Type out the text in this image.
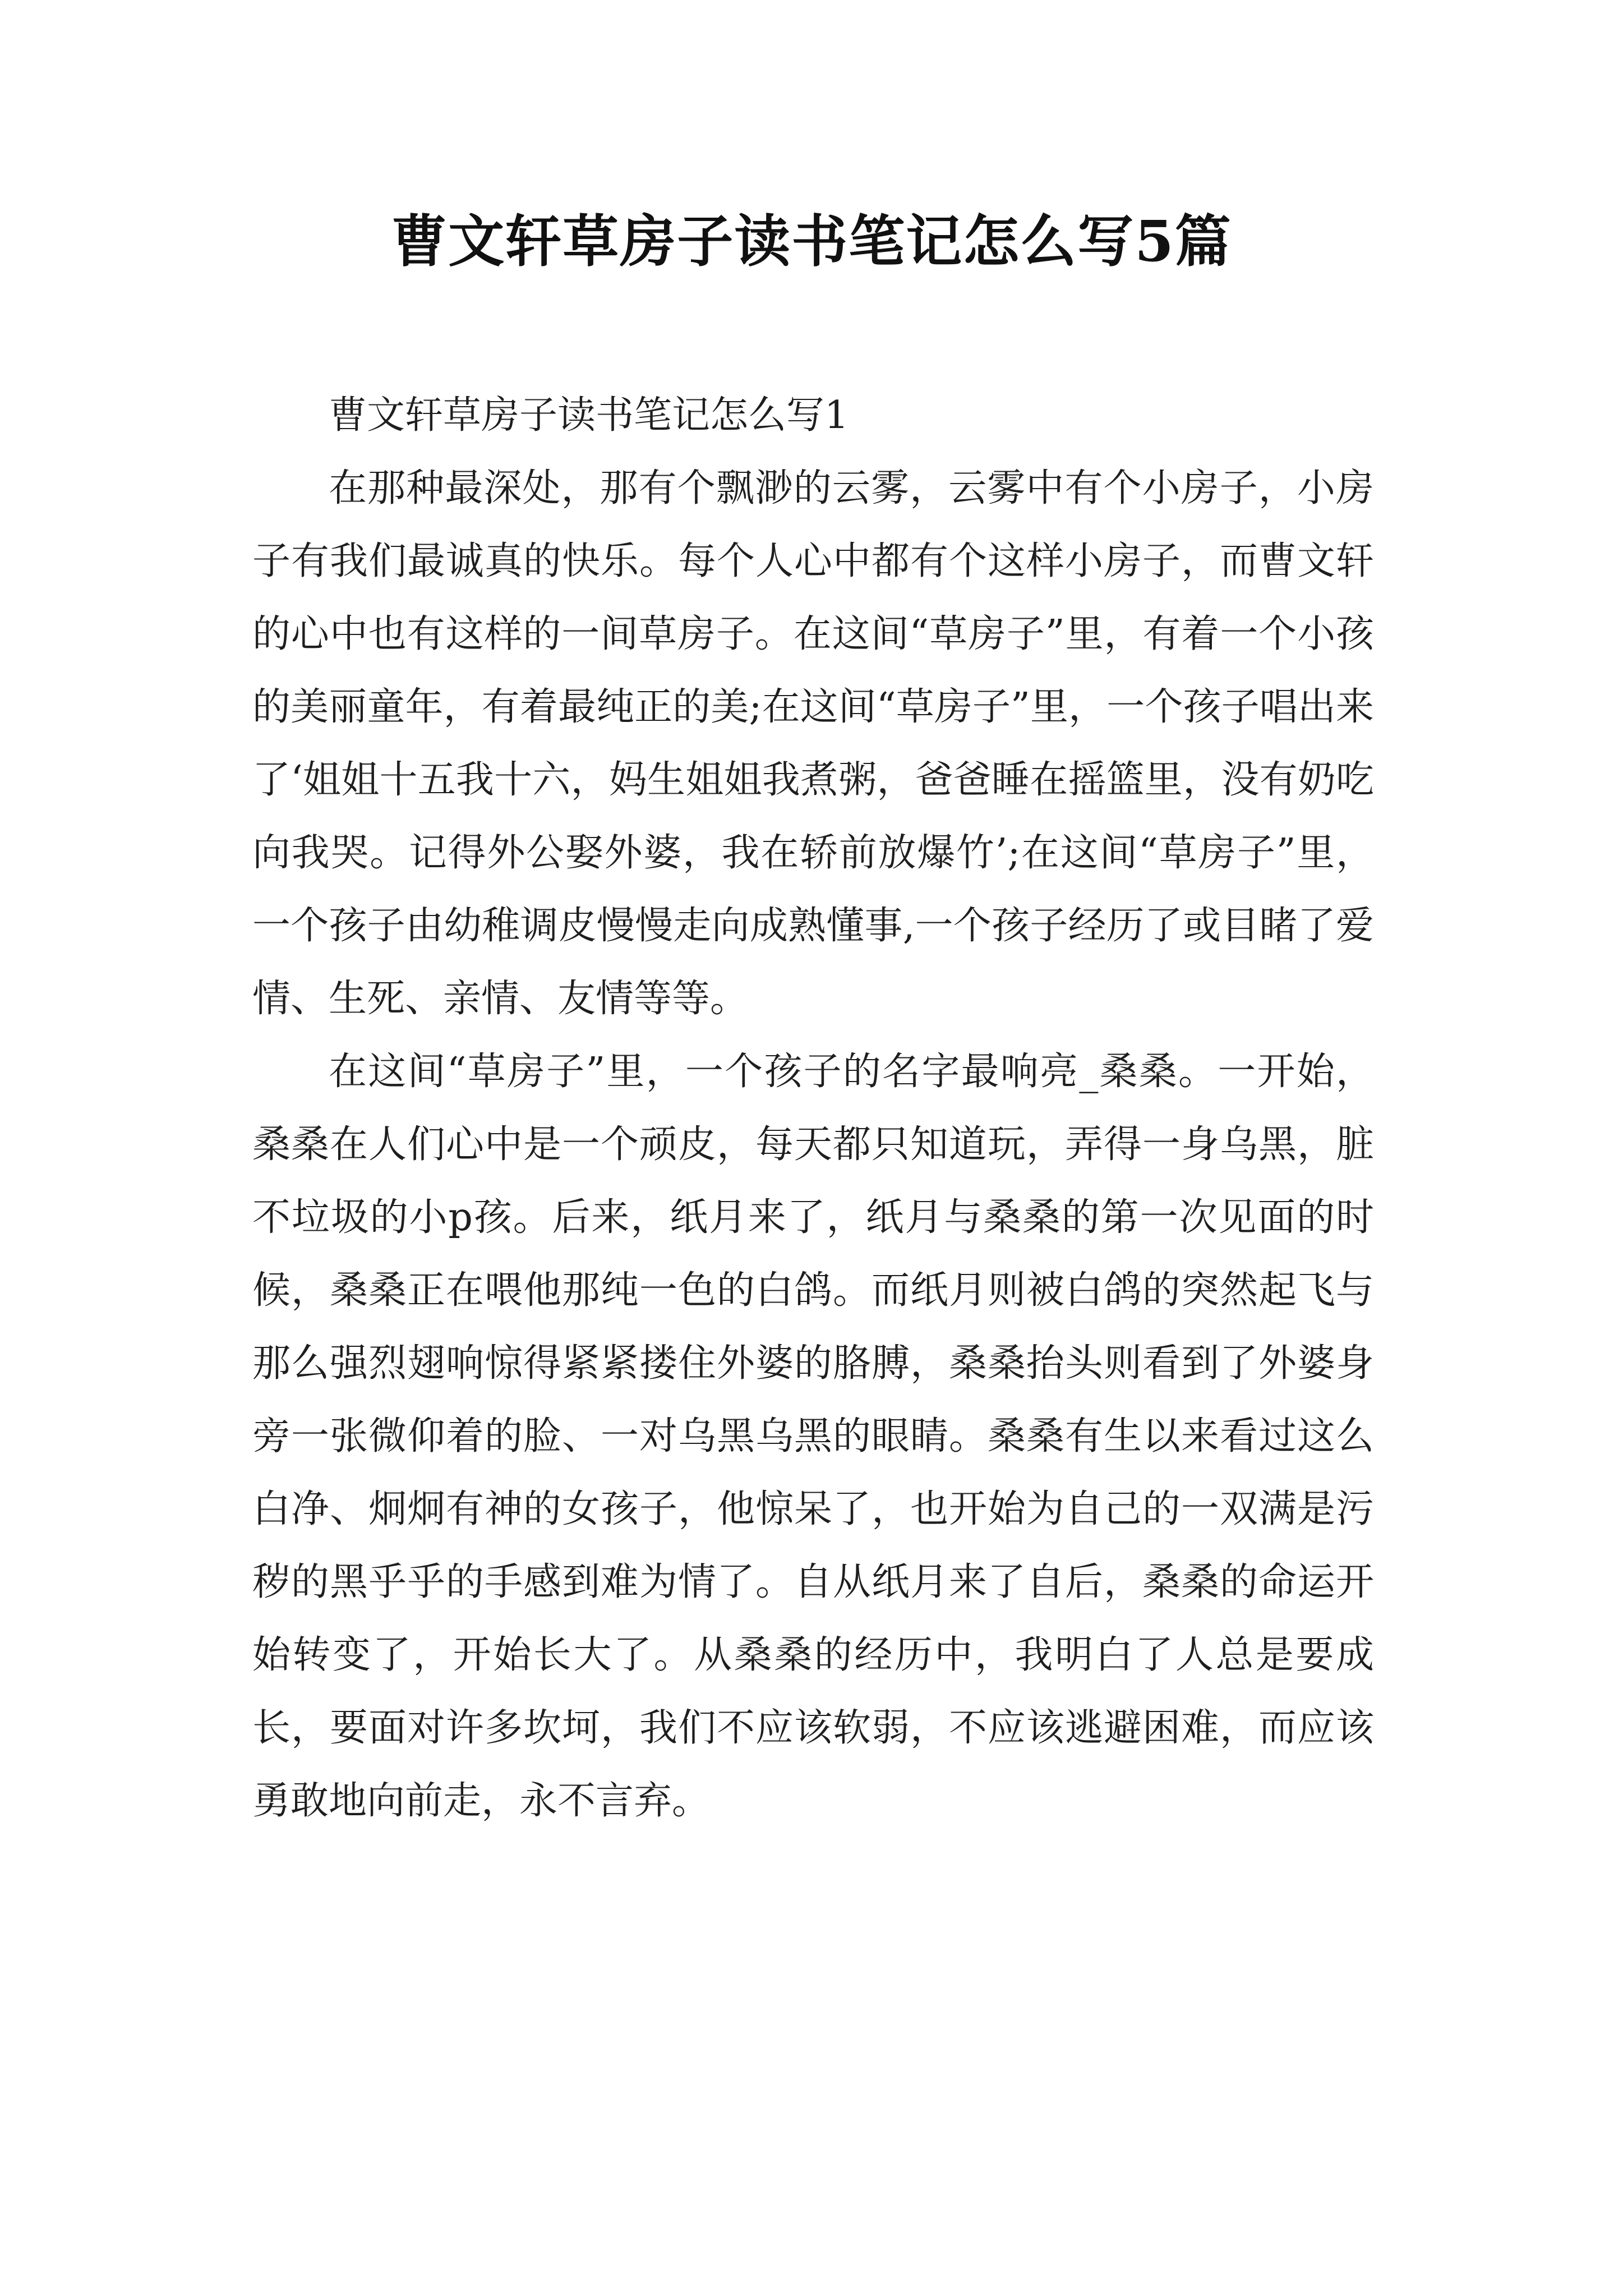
曹文轩草房子读书笔记怎么写5篇

曹文轩草房子读书笔记怎么写1

在那种最深处，那有个飘渺的云雾，云雾中有个小房子，小房子有我们最诚真的快乐。每个人心中都有个这样小房子，而曹文轩的心中也有这样的一间草房子。在这间“草房子”里，有着一个小孩的美丽童年，有着最纯正的美;在这间“草房子”里，一个孩子唱出来了‘姐姐十五我十六，妈生姐姐我煮粥，爸爸睡在摇篮里，没有奶吃向我哭。记得外公娶外婆，我在轿前放爆竹’;在这间“草房子”里，一个孩子由幼稚调皮慢慢走向成熟懂事,一个孩子经历了或目睹了爱情、生死、亲情、友情等等。

在这间“草房子”里，一个孩子的名字最响亮_桑桑。一开始，桑桑在人们心中是一个顽皮，每天都只知道玩，弄得一身乌黑，脏不垃圾的小p孩。后来，纸月来了，纸月与桑桑的第一次见面的时候，桑桑正在喂他那纯一色的白鸽。而纸月则被白鸽的突然起飞与那么强烈翅响惊得紧紧搂住外婆的胳膊，桑桑抬头则看到了外婆身旁一张微仰着的脸、一对乌黑乌黑的眼睛。桑桑有生以来看过这么白净、炯炯有神的女孩子，他惊呆了，也开始为自己的一双满是污秽的黑乎乎的手感到难为情了。自从纸月来了自后，桑桑的命运开始转变了，开始长大了。从桑桑的经历中，我明白了人总是要成长，要面对许多坎坷，我们不应该软弱，不应该逃避困难，而应该勇敢地向前走，永不言弃。
